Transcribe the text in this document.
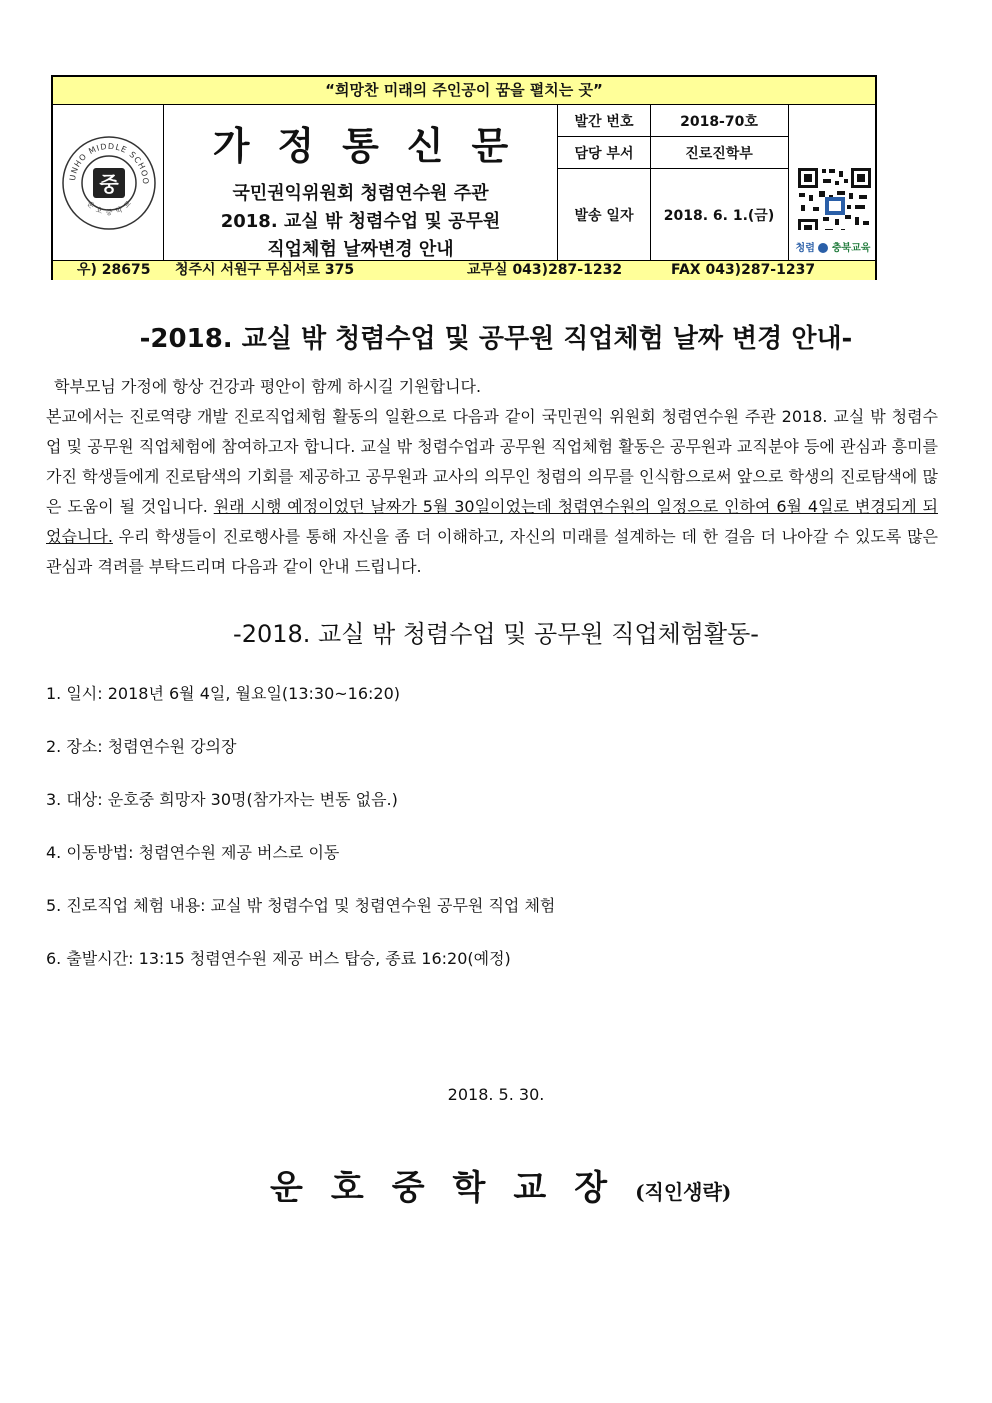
“희망찬 미래의 주인공이 꿈을 펼치는 곳”
UNHO MIDDLE SCHOO
운 호 중 학 교
중
가정통신문
국민권익위원회 청렴연수원 주관
2018. 교실 밖 청렴수업 및 공무원
직업체험 날짜변경 안내
발간 번호	2018-70호
담당 부서	진로진학부
발송 일자	2018. 6. 1.(금)
청렴 충북교육
우) 28675 청주시 서원구 무심서로 375	교무실 043)287-1232	FAX 043)287-1237
-2018. 교실 밖 청렴수업 및 공무원 직업체험 날짜 변경 안내-

학부모님 가정에 항상 건강과 평안이 함께 하시길 기원합니다.

본교에서는 진로역량 개발 진로직업체험 활동의 일환으로 다음과 같이 국민권익 위원회 청렴연수원 주관 2018. 교실 밖 청렴수업 및 공무원 직업체험에 참여하고자 합니다. 교실 밖 청렴수업과 공무원 직업체험 활동은 공무원과 교직분야 등에 관심과 흥미를 가진 학생들에게 진로탐색의 기회를 제공하고 공무원과 교사의 의무인 청렴의 의무를 인식함으로써 앞으로 학생의 진로탐색에 많은 도움이 될 것입니다. 원래 시행 예정이었던 날짜가 5월 30일이었는데 청렴연수원의 일정으로 인하여 6월 4일로 변경되게 되었습니다. 우리 학생들이 진로행사를 통해 자신을 좀 더 이해하고, 자신의 미래를 설계하는 데 한 걸음 더 나아갈 수 있도록 많은 관심과 격려를 부탁드리며 다음과 같이 안내 드립니다.

-2018. 교실 밖 청렴수업 및 공무원 직업체험활동-
1. 일시: 2018년 6월 4일, 월요일(13:30~16:20)
2. 장소: 청렴연수원 강의장
3. 대상: 운호중 희망자 30명(참가자는 변동 없음.)
4. 이동방법: 청렴연수원 제공 버스로 이동
5. 진로직업 체험 내용: 교실 밖 청렴수업 및 청렴연수원 공무원 직업 체험
6. 출발시간: 13:15 청렴연수원 제공 버스 탑승, 종료 16:20(예정)
2018. 5. 30.
운호중학교장(직인생략)
